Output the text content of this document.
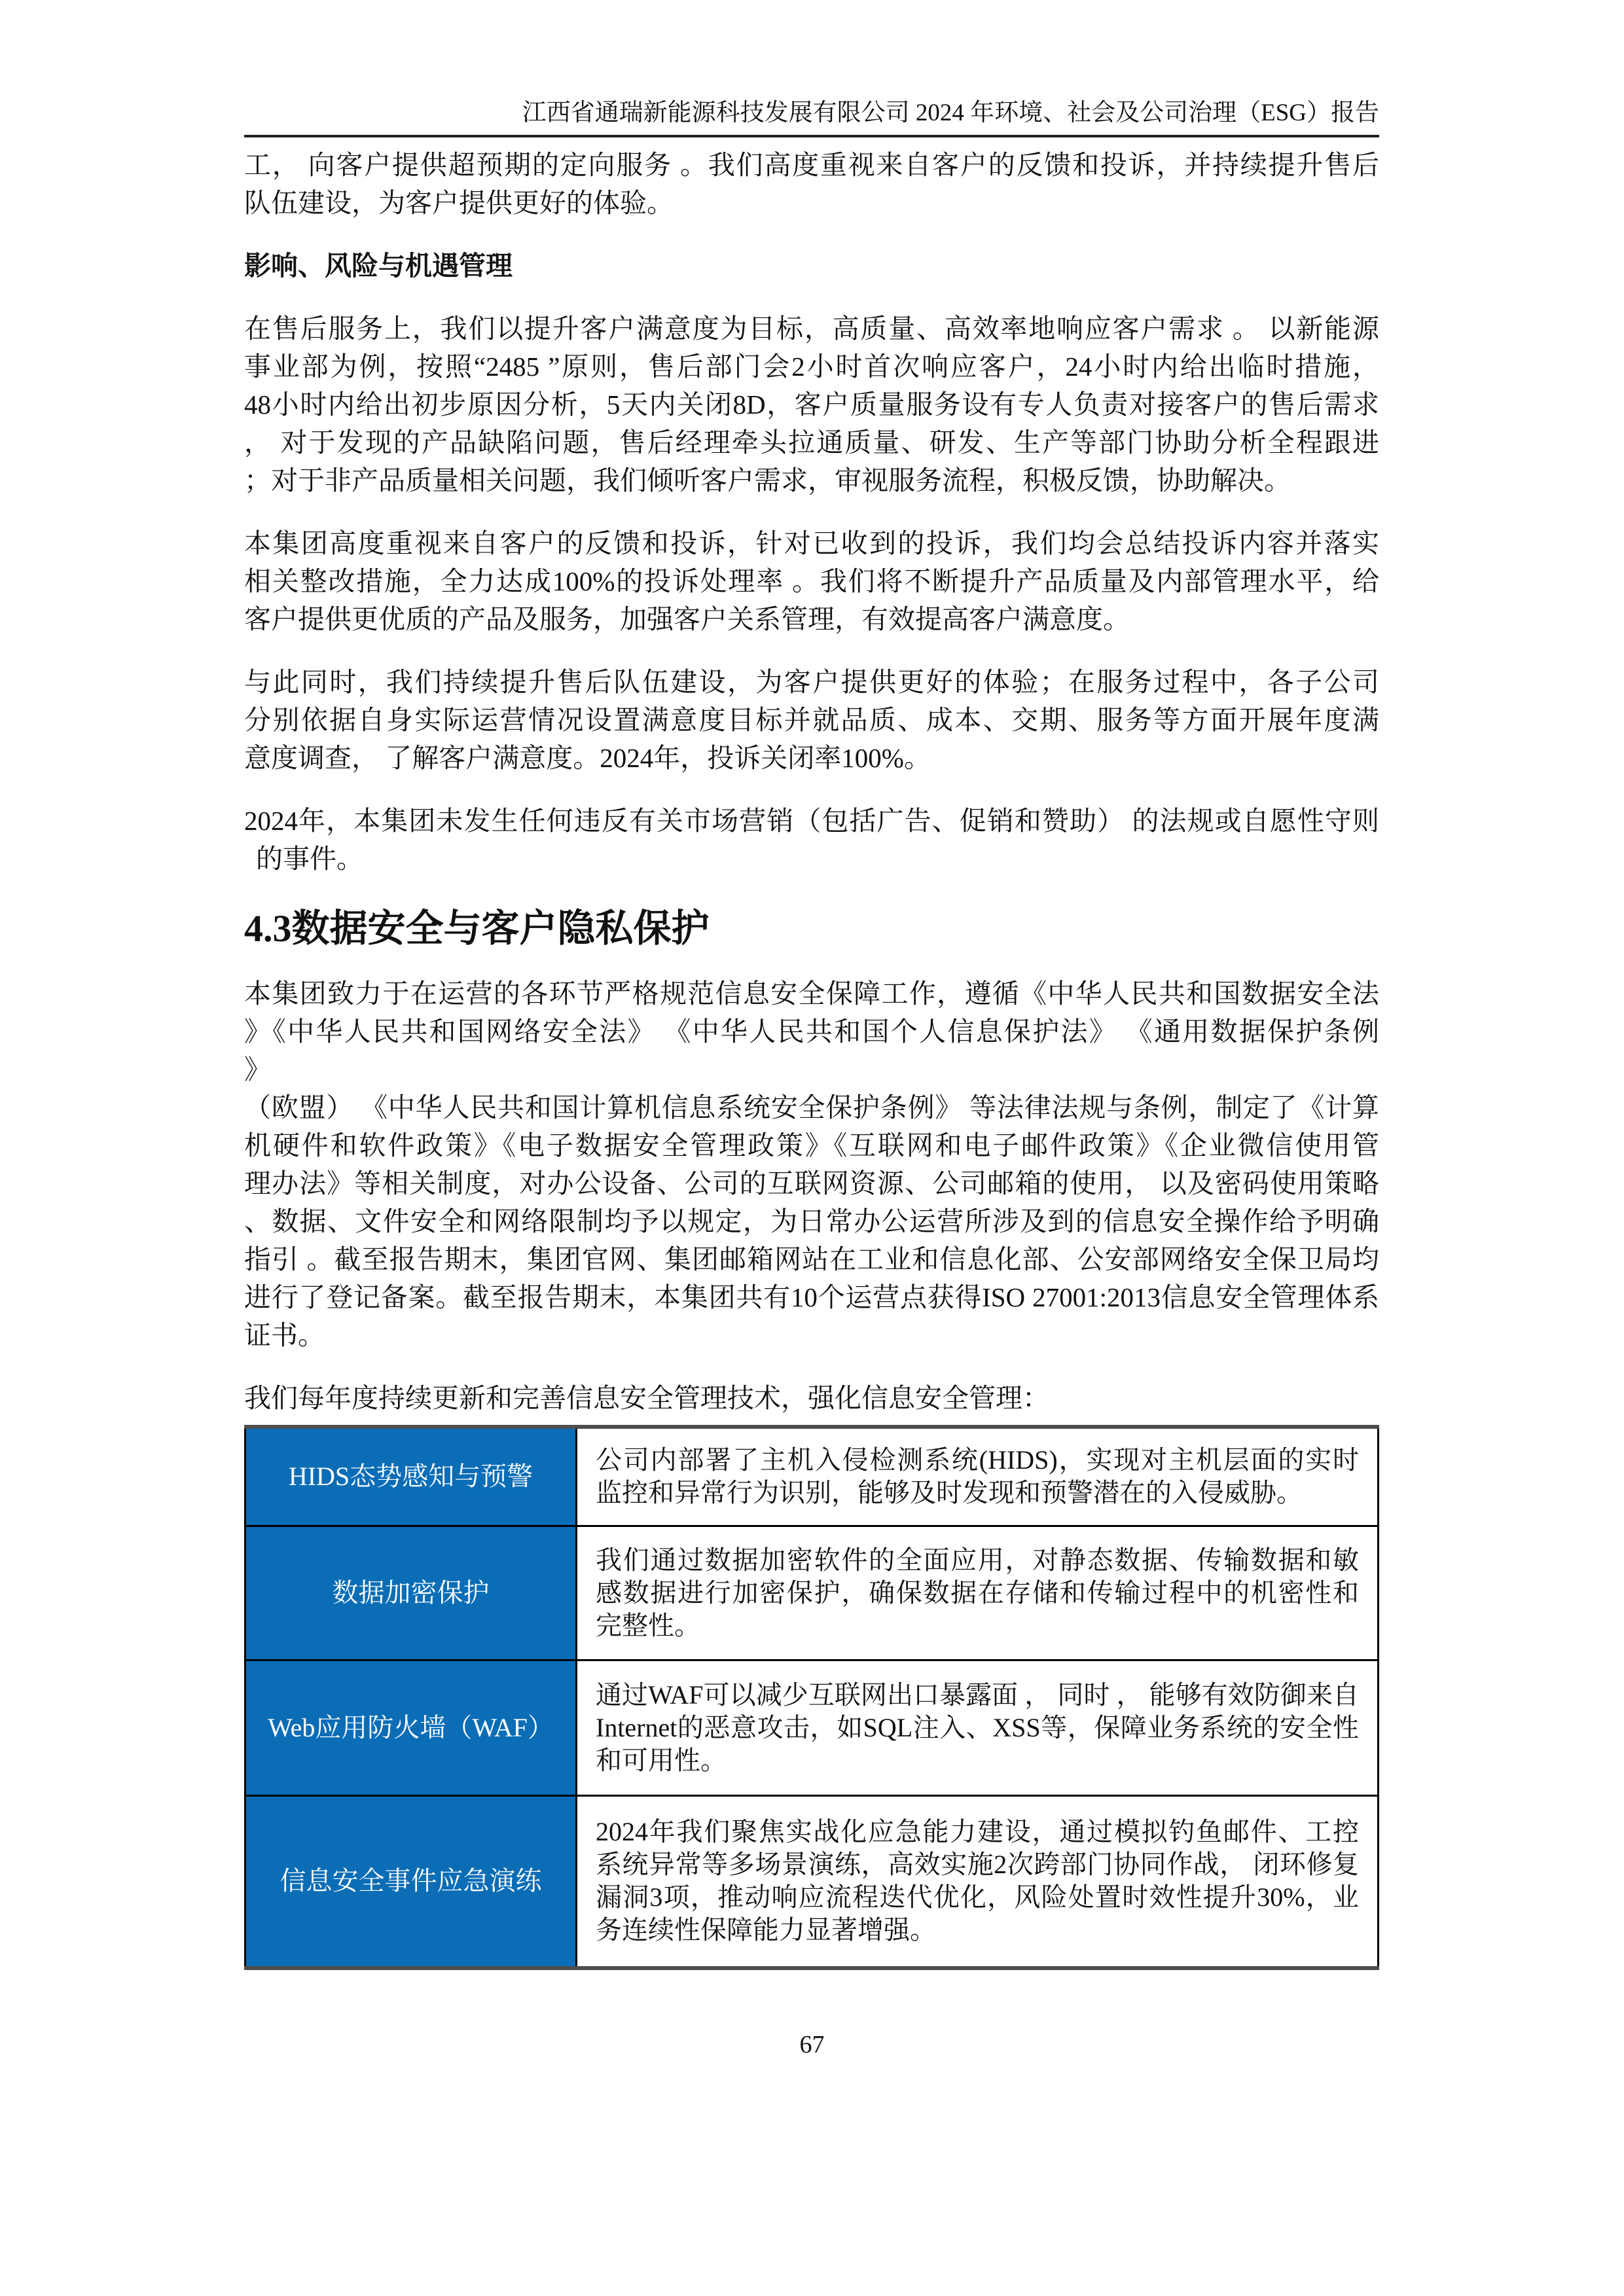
江西省通瑞新能源科技发展有限公司 2024 年环境、社会及公司治理（ESG）报告
工， 向客户提供超预期的定向服务 。我们高度重视来自客户的反馈和投诉，并持续提升售后
队伍建设，为客户提供更好的体验。
影响、风险与机遇管理
在售后服务上，我们以提升客户满意度为目标，高质量、高效率地响应客户需求 。 以新能源
事业部为例，按照“2485 ”原则，售后部门会2小时首次响应客户，24小时内给出临时措施，
48小时内给出初步原因分析，5天内关闭8D，客户质量服务设有专人负责对接客户的售后需求
， 对于发现的产品缺陷问题，售后经理牵头拉通质量、研发、生产等部门协助分析全程跟进
；对于非产品质量相关问题，我们倾听客户需求，审视服务流程，积极反馈，协助解决。
本集团高度重视来自客户的反馈和投诉，针对已收到的投诉，我们均会总结投诉内容并落实
相关整改措施，全力达成100%的投诉处理率 。我们将不断提升产品质量及内部管理水平，给
客户提供更优质的产品及服务，加强客户关系管理，有效提高客户满意度。
与此同时，我们持续提升售后队伍建设，为客户提供更好的体验；在服务过程中，各子公司
分别依据自身实际运营情况设置满意度目标并就品质、成本、交期、服务等方面开展年度满
意度调查， 了解客户满意度。2024年，投诉关闭率100%。
2024年，本集团未发生任何违反有关市场营销（包括广告、促销和赞助） 的法规或自愿性守则
的事件。
4.3数据安全与客户隐私保护
本集团致力于在运营的各环节严格规范信息安全保障工作，遵循《中华人民共和国数据安全法
》《中华人民共和国网络安全法》 《中华人民共和国个人信息保护法》 《通用数据保护条例
》
（欧盟） 《中华人民共和国计算机信息系统安全保护条例》 等法律法规与条例，制定了《计算
机硬件和软件政策》《电子数据安全管理政策》《互联网和电子邮件政策》《企业微信使用管
理办法》等相关制度，对办公设备、公司的互联网资源、公司邮箱的使用， 以及密码使用策略
、数据、文件安全和网络限制均予以规定，为日常办公运营所涉及到的信息安全操作给予明确
指引 。截至报告期末，集团官网、集团邮箱网站在工业和信息化部、公安部网络安全保卫局均
进行了登记备案。截至报告期末，本集团共有10个运营点获得ISO 27001:2013信息安全管理体系
证书。
我们每年度持续更新和完善信息安全管理技术，强化信息安全管理：
HIDS态势感知与预警	公司内部署了主机入侵检测系统(HIDS)，实现对主机层面的实时
监控和异常行为识别，能够及时发现和预警潜在的入侵威胁。

数据加密保护	我们通过数据加密软件的全面应用，对静态数据、传输数据和敏
感数据进行加密保护，确保数据在存储和传输过程中的机密性和
完整性。

Web应用防火墙（WAF）	通过WAF可以减少互联网出口暴露面 ， 同时 ， 能够有效防御来自
Internet的恶意攻击，如SQL注入、XSS等，保障业务系统的安全性
和可用性。

信息安全事件应急演练	2024年我们聚焦实战化应急能力建设，通过模拟钓鱼邮件、工控
系统异常等多场景演练，高效实施2次跨部门协同作战， 闭环修复
漏洞3项，推动响应流程迭代优化，风险处置时效性提升30%，业
务连续性保障能力显著增强。
67
